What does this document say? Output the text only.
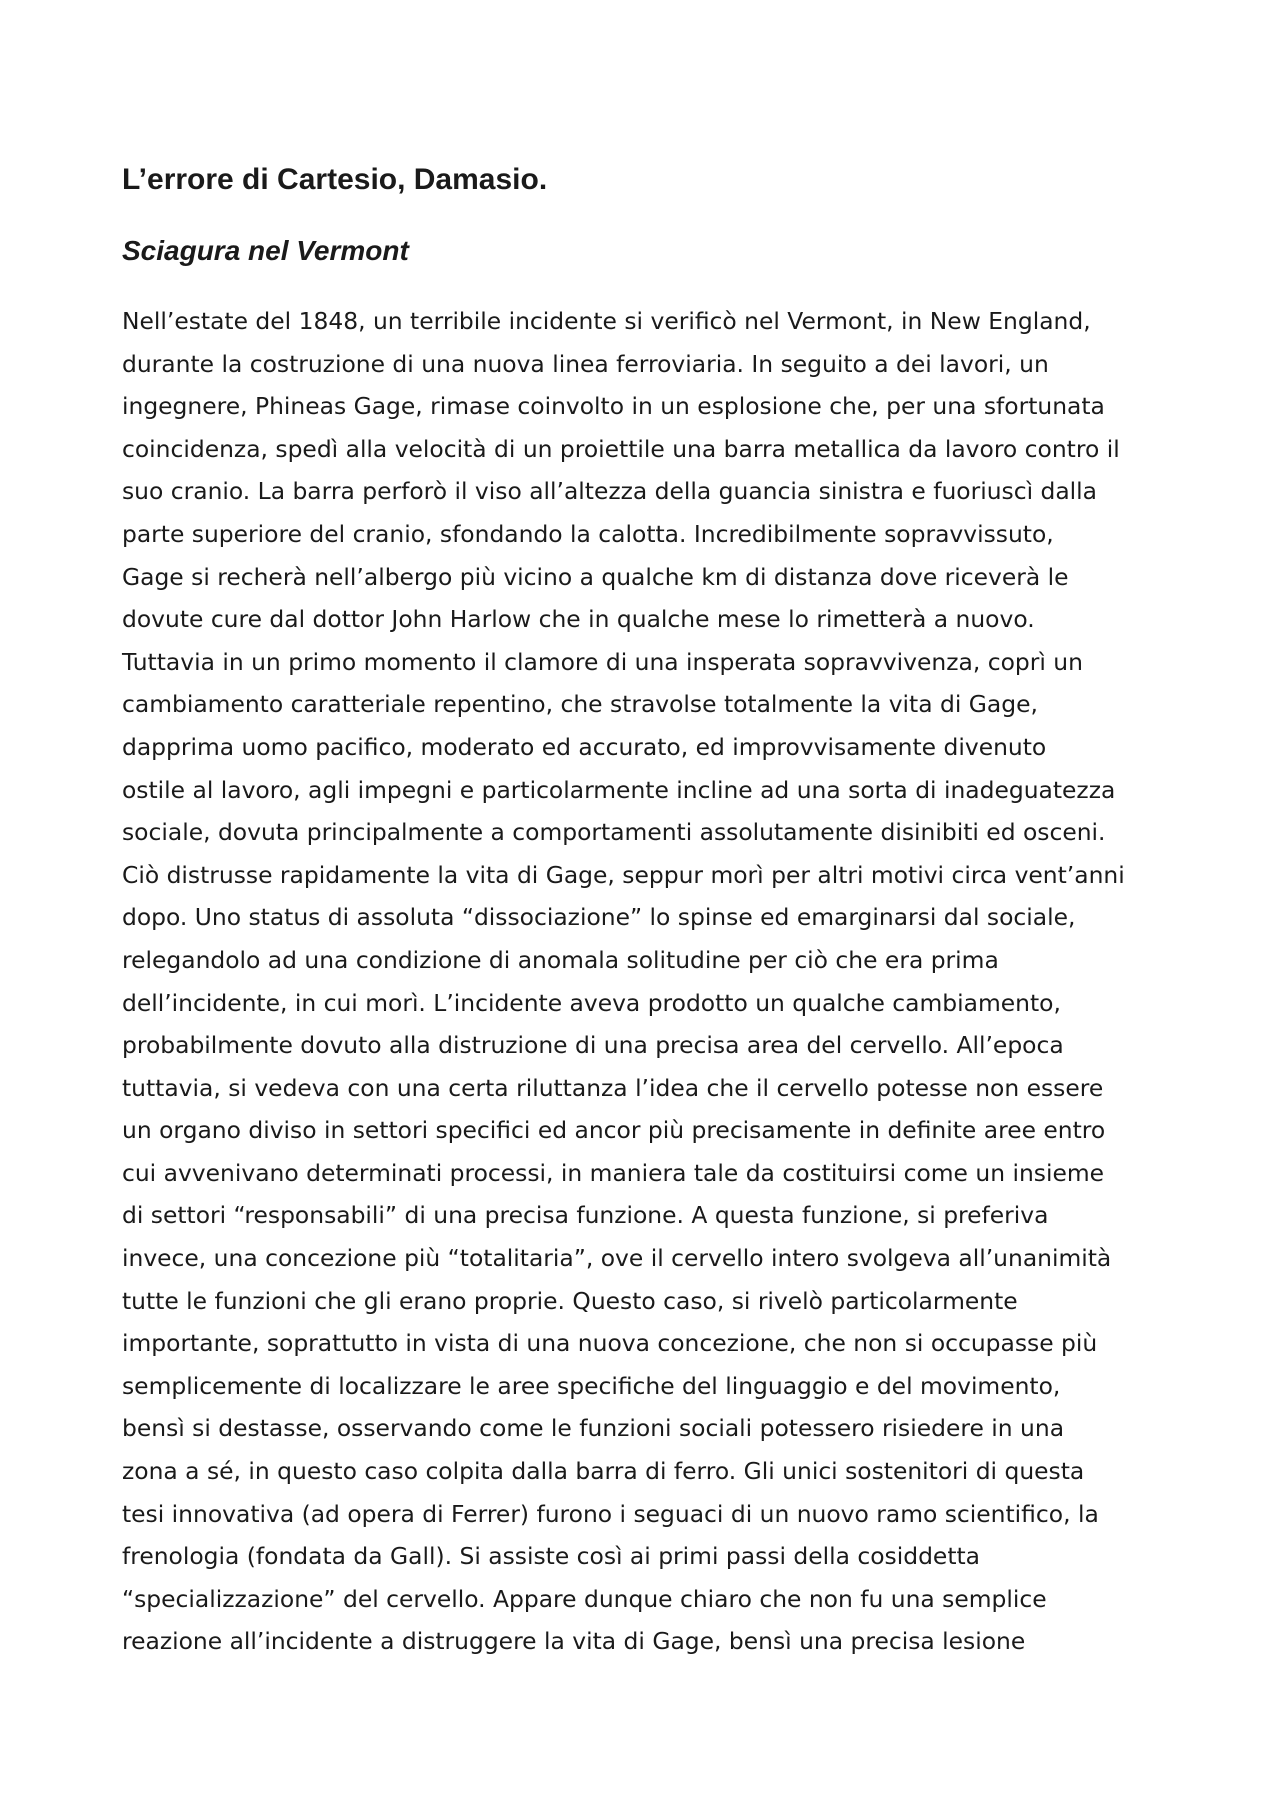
L’errore di Cartesio, Damasio.
Sciagura nel Vermont
Nell’estate del 1848, un terribile incidente si verificò nel Vermont, in New England,
durante la costruzione di una nuova linea ferroviaria. In seguito a dei lavori, un
ingegnere, Phineas Gage, rimase coinvolto in un esplosione che, per una sfortunata
coincidenza, spedì alla velocità di un proiettile una barra metallica da lavoro contro il
suo cranio. La barra perforò il viso all’altezza della guancia sinistra e fuoriuscì dalla
parte superiore del cranio, sfondando la calotta. Incredibilmente sopravvissuto,
Gage si recherà nell’albergo più vicino a qualche km di distanza dove riceverà le
dovute cure dal dottor John Harlow che in qualche mese lo rimetterà a nuovo.
Tuttavia in un primo momento il clamore di una insperata sopravvivenza, coprì un
cambiamento caratteriale repentino, che stravolse totalmente la vita di Gage,
dapprima uomo pacifico, moderato ed accurato, ed improvvisamente divenuto
ostile al lavoro, agli impegni e particolarmente incline ad una sorta di inadeguatezza
sociale, dovuta principalmente a comportamenti assolutamente disinibiti ed osceni.
Ciò distrusse rapidamente la vita di Gage, seppur morì per altri motivi circa vent’anni
dopo. Uno status di assoluta “dissociazione” lo spinse ed emarginarsi dal sociale,
relegandolo ad una condizione di anomala solitudine per ciò che era prima
dell’incidente, in cui morì. L’incidente aveva prodotto un qualche cambiamento,
probabilmente dovuto alla distruzione di una precisa area del cervello. All’epoca
tuttavia, si vedeva con una certa riluttanza l’idea che il cervello potesse non essere
un organo diviso in settori specifici ed ancor più precisamente in definite aree entro
cui avvenivano determinati processi, in maniera tale da costituirsi come un insieme
di settori “responsabili” di una precisa funzione. A questa funzione, si preferiva
invece, una concezione più “totalitaria”, ove il cervello intero svolgeva all’unanimità
tutte le funzioni che gli erano proprie. Questo caso, si rivelò particolarmente
importante, soprattutto in vista di una nuova concezione, che non si occupasse più
semplicemente di localizzare le aree specifiche del linguaggio e del movimento,
bensì si destasse, osservando come le funzioni sociali potessero risiedere in una
zona a sé, in questo caso colpita dalla barra di ferro. Gli unici sostenitori di questa
tesi innovativa (ad opera di Ferrer) furono i seguaci di un nuovo ramo scientifico, la
frenologia (fondata da Gall). Si assiste così ai primi passi della cosiddetta
“specializzazione” del cervello. Appare dunque chiaro che non fu una semplice
reazione all’incidente a distruggere la vita di Gage, bensì una precisa lesione
